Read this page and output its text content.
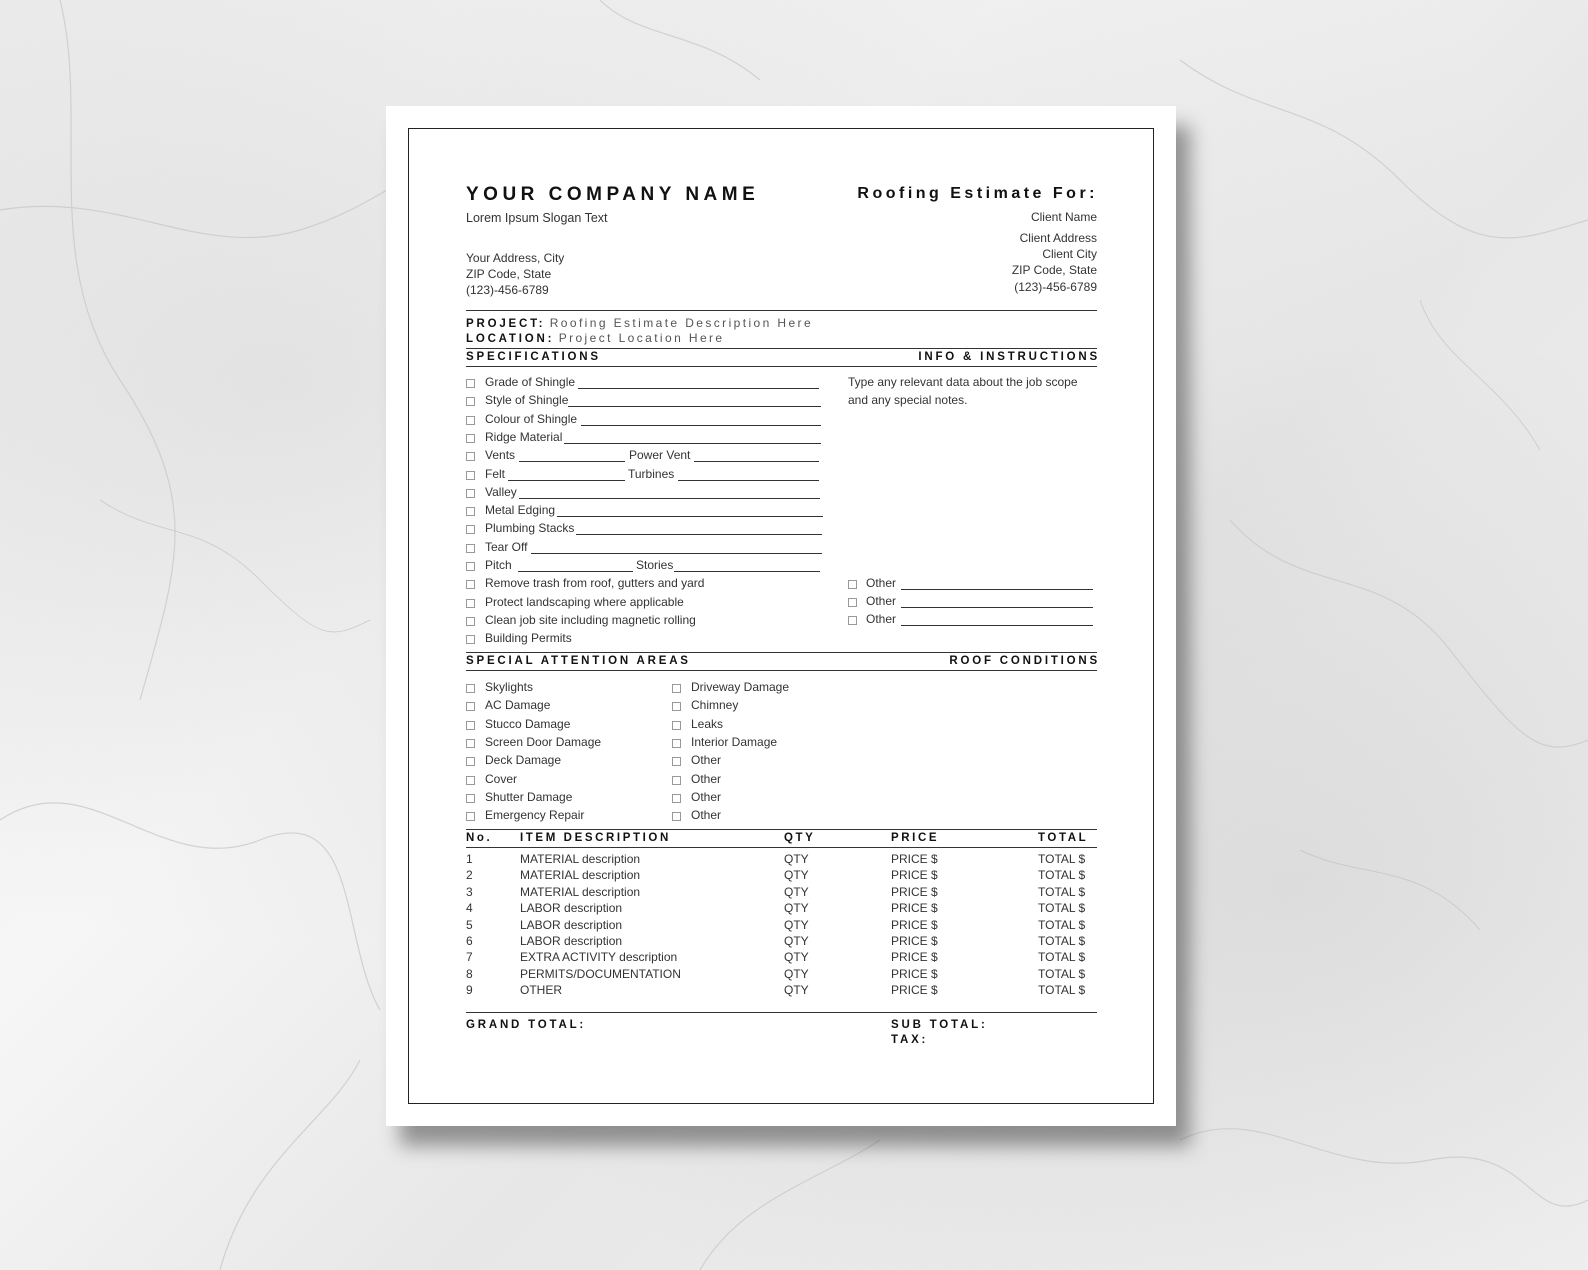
YOUR COMPANY NAME
Lorem Ipsum Slogan Text
Your Address, City
ZIP Code, State
(123)-456-6789
Roofing Estimate For:
Client Name
Client Address
Client City
ZIP Code, State
(123)-456-6789
PROJECT: Roofing Estimate Description Here
LOCATION: Project Location Here
SPECIFICATIONS	INFO & INSTRUCTIONS
Grade of Shingle
Style of Shingle
Colour of Shingle
Ridge Material
Vents	Power Vent
Felt	Turbines
Valley
Metal Edging
Plumbing Stacks
Tear Off
Pitch	Stories
Remove trash from roof, gutters and yard
Protect landscaping where applicable
Clean job site including magnetic rolling
Building Permits
Type any relevant data about the job scope
and any special notes.
Other
Other
Other
SPECIAL ATTENTION AREAS	ROOF CONDITIONS
Skylights
AC Damage
Stucco Damage
Screen Door Damage
Deck Damage
Cover
Shutter Damage
Emergency Repair
Driveway Damage
Chimney
Leaks
Interior Damage
Other
Other
Other
Other
No. ITEM DESCRIPTION	QTY	PRICE	TOTAL
1	MATERIAL description	QTY	PRICE $	TOTAL $
2	MATERIAL description	QTY	PRICE $	TOTAL $
3	MATERIAL description	QTY	PRICE $	TOTAL $
4	LABOR description	QTY	PRICE $	TOTAL $
5	LABOR description	QTY	PRICE $	TOTAL $
6	LABOR description	QTY	PRICE $	TOTAL $
7	EXTRA ACTIVITY description	QTY	PRICE $	TOTAL $
8	PERMITS/DOCUMENTATION	QTY	PRICE $	TOTAL $
9	OTHER	QTY	PRICE $	TOTAL $
GRAND TOTAL:	SUB TOTAL:
TAX:
